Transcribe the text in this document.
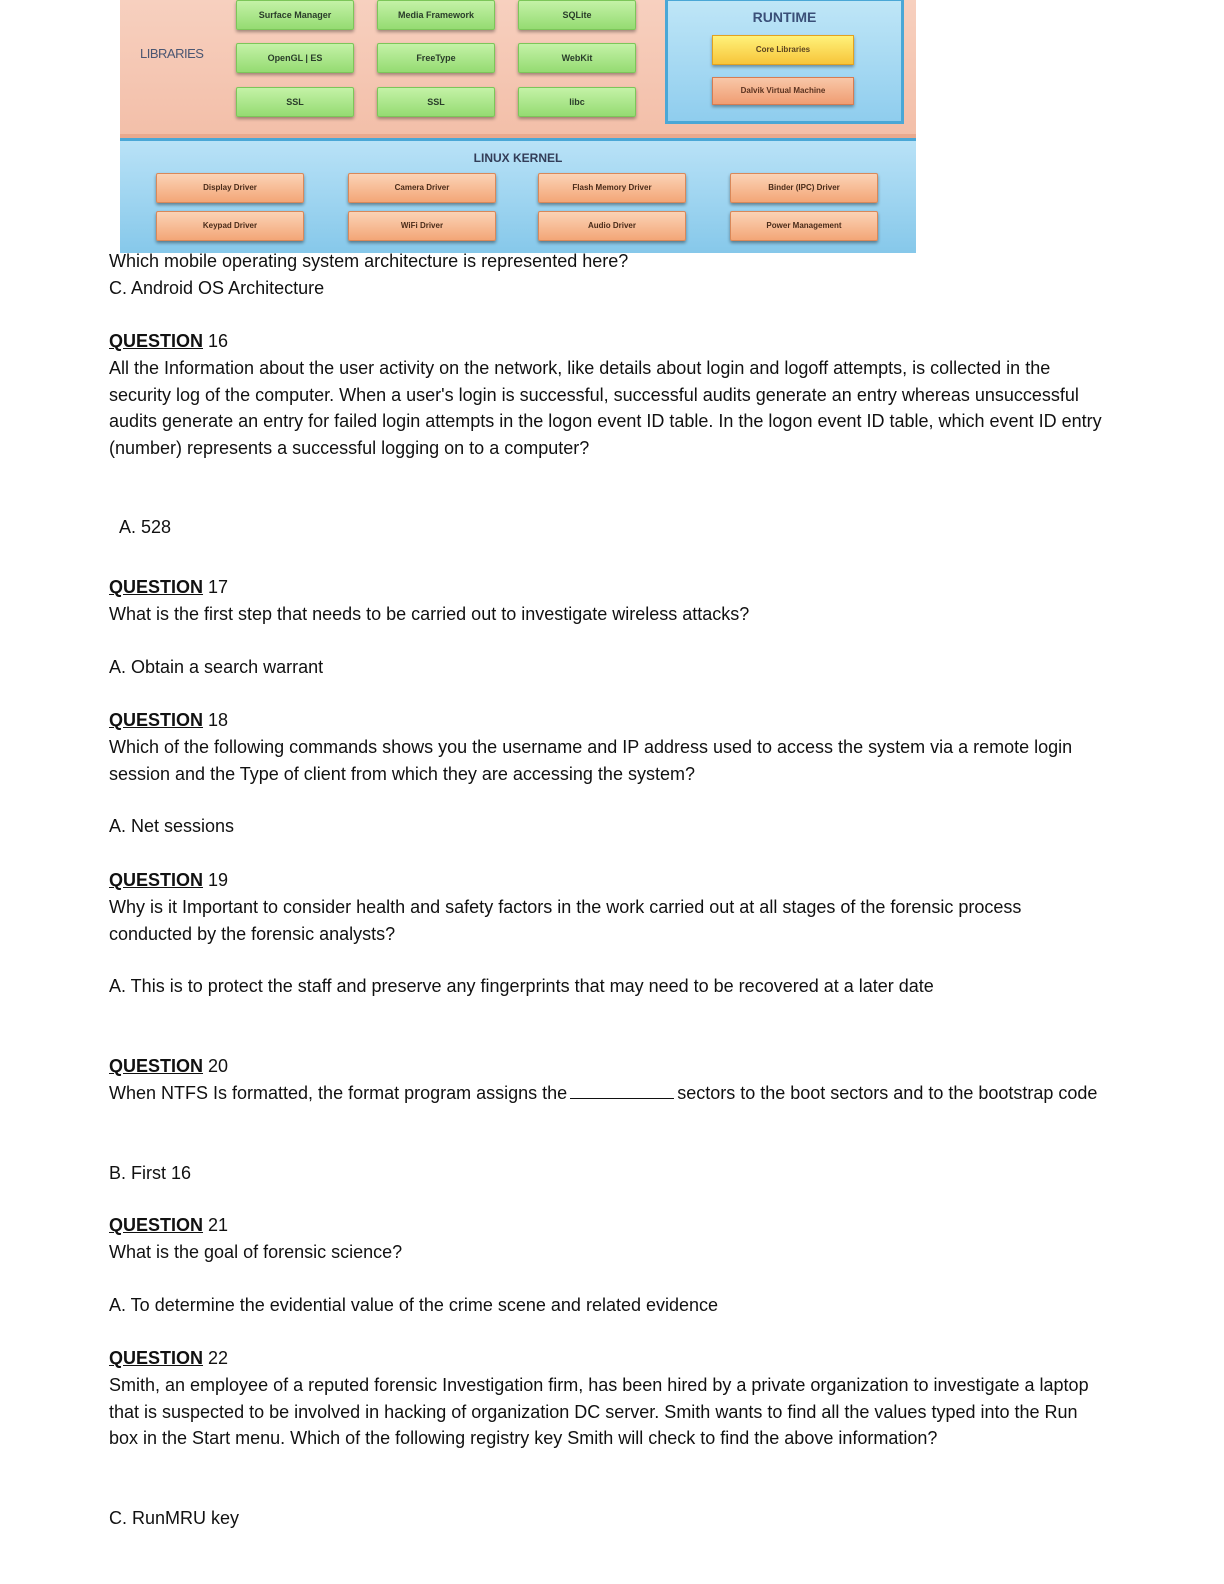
LIBRARIES
Surface Manager	Media Framework	SQLite
OpenGL | ES	FreeType	WebKit
SSL	SSL	libc
RUNTIME
Core Libraries
Dalvik Virtual Machine
LINUX KERNEL
Display Driver	Camera Driver	Flash Memory Driver	Binder (IPC) Driver
Keypad Driver	WiFi Driver	Audio Driver	Power Management
Which mobile operating system architecture is represented here?
C. Android OS Architecture
QUESTION 16
All the Information about the user activity on the network, like details about login and logoff attempts, is collected in the security log of the computer. When a user's login is successful, successful audits generate an entry whereas unsuccessful audits generate an entry for failed login attempts in the logon event ID table. In the logon event ID table, which event ID entry (number) represents a successful logging on to a computer?
A. 528
QUESTION 17
What is the first step that needs to be carried out to investigate wireless attacks?
A. Obtain a search warrant
QUESTION 18
Which of the following commands shows you the username and IP address used to access the system via a remote login session and the Type of client from which they are accessing the system?
A. Net sessions
QUESTION 19
Why is it Important to consider health and safety factors in the work carried out at all stages of the forensic process conducted by the forensic analysts?
A. This is to protect the staff and preserve any fingerprints that may need to be recovered at a later date
QUESTION 20
When NTFS Is formatted, the format program assigns the	sectors to the boot sectors and to the bootstrap code
B. First 16
QUESTION 21
What is the goal of forensic science?
A. To determine the evidential value of the crime scene and related evidence
QUESTION 22
Smith, an employee of a reputed forensic Investigation firm, has been hired by a private organization to investigate a laptop that is suspected to be involved in hacking of organization DC server. Smith wants to find all the values typed into the Run box in the Start menu. Which of the following registry key Smith will check to find the above information?
C. RunMRU key
